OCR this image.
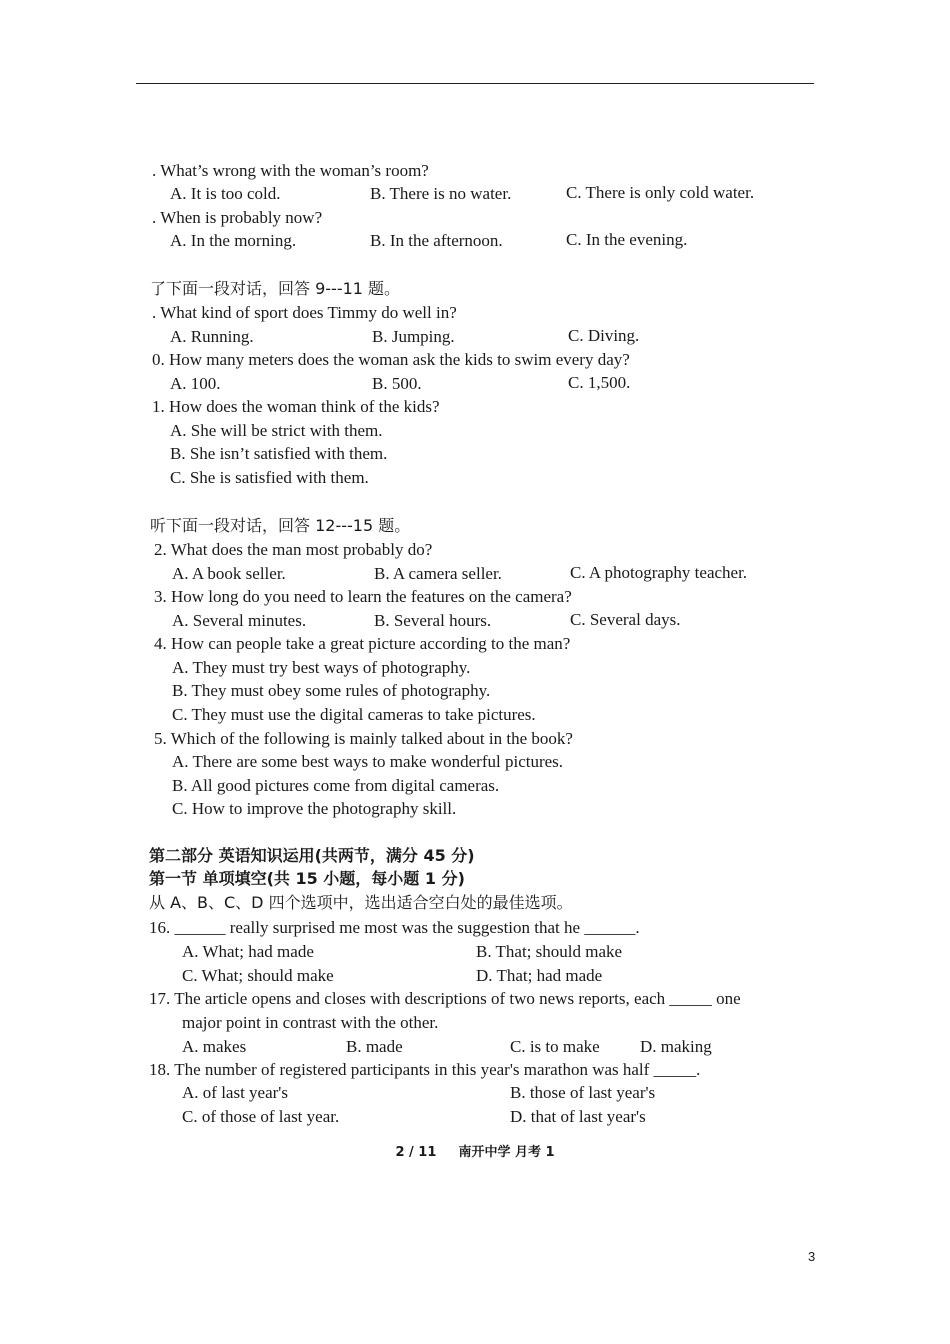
. What’s wrong with the woman’s room?
A. It is too cold.	B. There is no water.	C. There is only cold water.
. When is probably now?
A. In the morning.	B. In the afternoon.	C. In the evening.
了下面一段对话，回答 9---11 题。
. What kind of sport does Timmy do well in?
A. Running.	B. Jumping.	C. Diving.
0. How many meters does the woman ask the kids to swim every day?
A. 100.	B. 500.	C. 1,500.
1. How does the woman think of the kids?
A. She will be strict with them.
B. She isn’t satisfied with them.
C. She is satisfied with them.
听下面一段对话，回答 12---15 题。
2. What does the man most probably do?
A. A book seller.	B. A camera seller.	C. A photography teacher.
3. How long do you need to learn the features on the camera?
A. Several minutes.	B. Several hours.	C. Several days.
4. How can people take a great picture according to the man?
A. They must try best ways of photography.
B. They must obey some rules of photography.
C. They must use the digital cameras to take pictures.
5. Which of the following is mainly talked about in the book?
A. There are some best ways to make wonderful pictures.
B. All good pictures come from digital cameras.
C. How to improve the photography skill.
第二部分 英语知识运用(共两节，满分 45 分)
第一节 单项填空(共 15 小题，每小题 1 分)
从 A、B、C、D 四个选项中，选出适合空白处的最佳选项。
16. ______ really surprised me most was the suggestion that he ______.
A. What; had made	B. That; should make
C. What; should make	D. That; had made
17. The article opens and closes with descriptions of two news reports, each _____ one
major point in contrast with the other.
A. makes	B. made	C. is to make D. making
18. The number of registered participants in this year's marathon was half _____.
A. of last year's	B. those of last year's
C. of those of last year.	D. that of last year's
2 / 11 　 南开中学 月考 1
3
